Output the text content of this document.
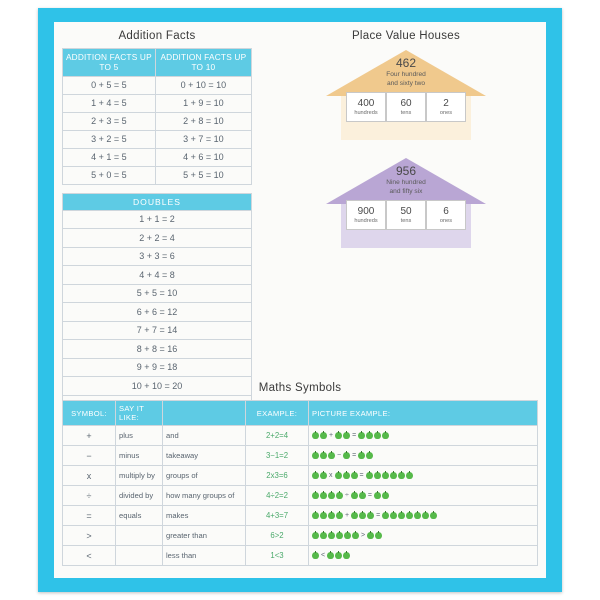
Addition Facts
ADDITION FACTS UP TO 5	ADDITION FACTS UP TO 10
0 + 5 = 5	0 + 10 = 10
1 + 4 = 5	1 + 9 = 10
2 + 3 = 5	2 + 8 = 10
3 + 2 = 5	3 + 7 = 10
4 + 1 = 5	4 + 6 = 10
5 + 0 = 5	5 + 5 = 10
DOUBLES
1 + 1 = 2
2 + 2 = 4
3 + 3 = 6
4 + 4 = 8
5 + 5 = 10
6 + 6 = 12
7 + 7 = 14
8 + 8 = 16
9 + 9 = 18
10 + 10 = 20

Place Value Houses
462
Four hundred
and sixty two
400
hundreds
60
tens
2
ones
956
Nine hundred
and fifty six
900
hundreds
50
tens
6
ones
Maths Symbols
SYMBOL:	SAY IT LIKE:		EXAMPLE:	PICTURE EXAMPLE:
+	plus	and	2+2=4	+ =

−	minus	takeaway	3−1=2	− =

x	multiply by	groups of	2x3=6	x =

÷	divided by	how many groups of	4÷2=2	÷ =

=	equals	makes	4+3=7	+ =

>		greater than	6>2	>

<		less than	1<3	<
